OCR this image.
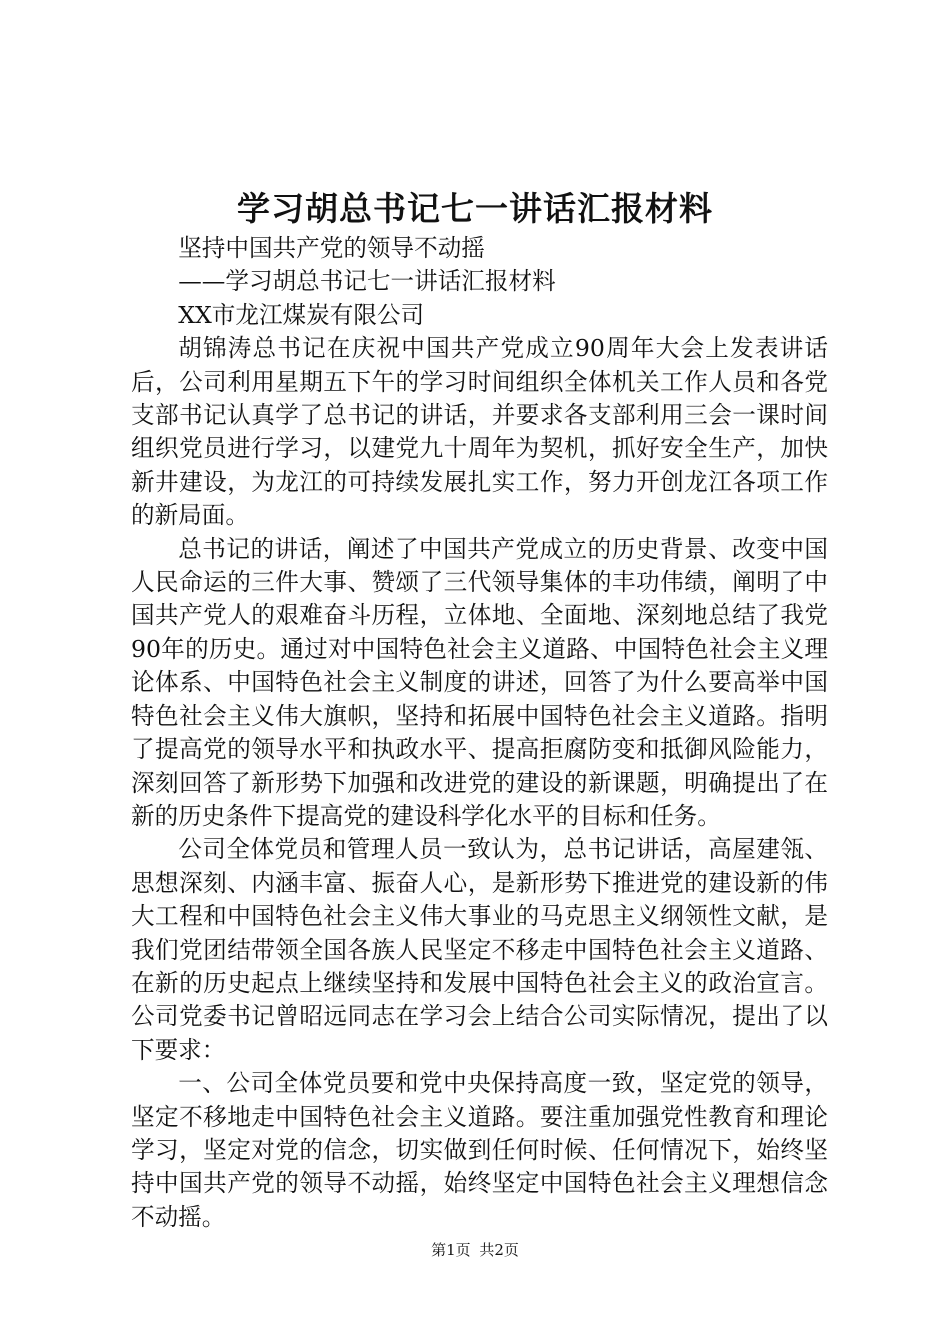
学习胡总书记七一讲话汇报材料

坚持中国共产党的领导不动摇

——学习胡总书记七一讲话汇报材料

XX市龙江煤炭有限公司

胡锦涛总书记在庆祝中国共产党成立90周年大会上发表讲话后，公司利用星期五下午的学习时间组织全体机关工作人员和各党支部书记认真学了总书记的讲话，并要求各支部利用三会一课时间组织党员进行学习，以建党九十周年为契机，抓好安全生产，加快新井建设，为龙江的可持续发展扎实工作，努力开创龙江各项工作的新局面。

总书记的讲话，阐述了中国共产党成立的历史背景、改变中国人民命运的三件大事、赞颂了三代领导集体的丰功伟绩，阐明了中国共产党人的艰难奋斗历程，立体地、全面地、深刻地总结了我党90年的历史。通过对中国特色社会主义道路、中国特色社会主义理论体系、中国特色社会主义制度的讲述，回答了为什么要高举中国特色社会主义伟大旗帜，坚持和拓展中国特色社会主义道路。指明了提高党的领导水平和执政水平、提高拒腐防变和抵御风险能力，深刻回答了新形势下加强和改进党的建设的新课题，明确提出了在新的历史条件下提高党的建设科学化水平的目标和任务。

公司全体党员和管理人员一致认为，总书记讲话，高屋建瓴、思想深刻、内涵丰富、振奋人心，是新形势下推进党的建设新的伟大工程和中国特色社会主义伟大事业的马克思主义纲领性文献，是我们党团结带领全国各族人民坚定不移走中国特色社会主义道路、在新的历史起点上继续坚持和发展中国特色社会主义的政治宣言。公司党委书记曾昭远同志在学习会上结合公司实际情况，提出了以下要求：

一、公司全体党员要和党中央保持高度一致，坚定党的领导，坚定不移地走中国特色社会主义道路。要注重加强党性教育和理论学习，坚定对党的信念，切实做到任何时候、任何情况下，始终坚持中国共产党的领导不动摇，始终坚定中国特色社会主义理想信念不动摇。

第1页 共2页
